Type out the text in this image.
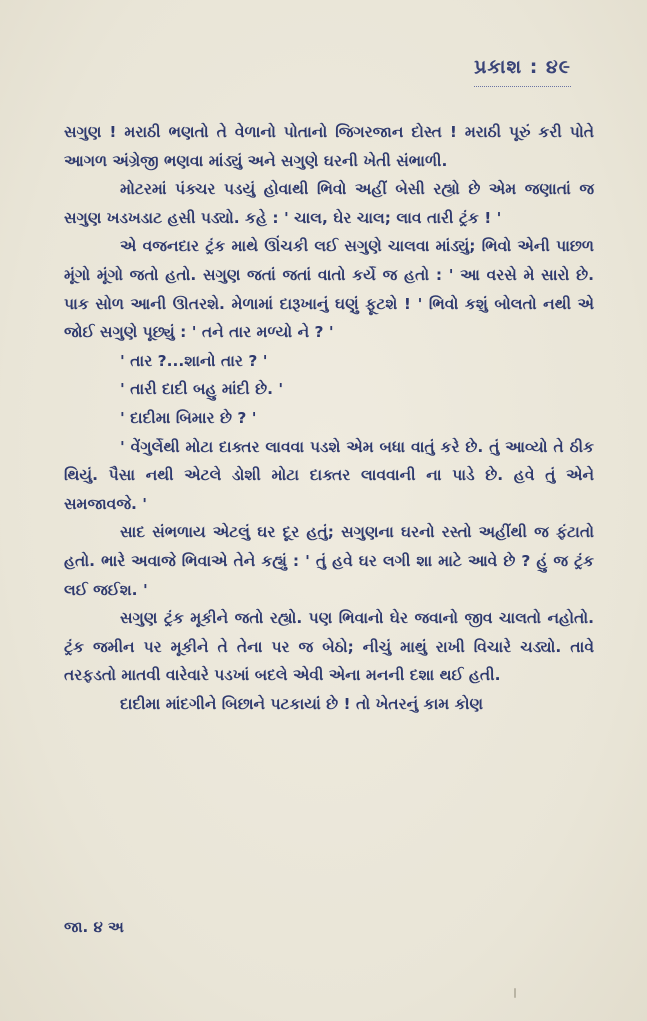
પ્રકાશ : ૪૯

સગુણ ! મરાઠી ભણતો તે વેળાનો પોતાનો જિગરજાન દોસ્ત ! મરાઠી પૂરું કરી પોતે આગળ અંગ્રેજી ભણવા માંડ્યું અને સગુણે ઘરની ખેતી સંભાળી.

મોટરમાં પંક્ચર પડયું હોવાથી ભિવો અહીં બેસી રહ્યો છે એમ જણાતાં જ સગુણ ખડખડાટ હસી પડ્યો. કહે : ' ચાલ, ઘેર ચાલ; લાવ તારી ટ્રંક ! '

એ વજનદાર ટ્રંક માથે ઊંચકી લઈ સગુણે ચાલવા માંડ્યું; ભિવો એની પાછળ મૂંગો મૂંગો જતો હતો. સગુણ જતાં જતાં વાતો કર્યે જ હતો : ' આ વરસે મે સારો છે. પાક સોળ આની ઊતરશે. મેળામાં દારૂખાનું ઘણું ફૂટશે ! ' ભિવો કશું બોલતો નથી એ જોઈ સગુણે પૂછ્યું : ' તને તાર મળ્યો ને ? '

' તાર ?...શાનો તાર ? '

' તારી દાદી બહુ માંદી છે. '

' દાદીમા બિમાર છે ? '

' વેંગુર્લેથી મોટા દાક્તર લાવવા પડશે એમ બધા વાતું કરે છે. તું આવ્યો તે ઠીક થિયું. પૈસા નથી એટલે ડોશી મોટા દાક્તર લાવવાની ના પાડે છે. હવે તું એને સમજાવજે. '

સાદ સંભળાય એટલું ઘર દૂર હતું; સગુણના ઘરનો રસ્તો અહીંથી જ ફંટાતો હતો. ભારે અવાજે ભિવાએ તેને કહ્યું : ' તું હવે ઘર લગી શા માટે આવે છે ? હું જ ટ્રંક લઈ જઈશ. '

સગુણ ટ્રંક મૂકીને જતો રહ્યો. પણ ભિવાનો ઘેર જવાનો જીવ ચાલતો નહોતો. ટ્રંક જમીન પર મૂકીને તે તેના પર જ બેઠો; નીચું માથું રાખી વિચારે ચડ્યો. તાવે તરફડતો માતવી વારેવારે પડખાં બદલે એવી એના મનની દશા થઈ હતી.

દાદીમા માંદગીને બિછાને પટકાયાં છે ! તો ખેતરનું કામ કોણ

જા. ૪ અ
